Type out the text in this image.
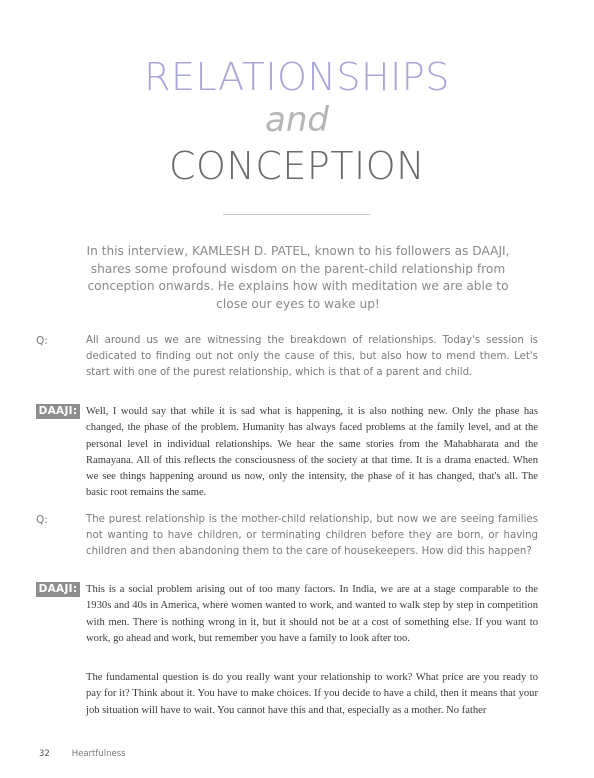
RELATIONSHIPS
and
CONCEPTION
In this interview, KAMLESH D. PATEL, known to his followers as DAAJI, shares some profound wisdom on the parent-child relationship from conception onwards. He explains how with meditation we are able to close our eyes to wake up!
Q:	All around us we are witnessing the breakdown of relationships. Today's session is dedicated to finding out not only the cause of this, but also how to mend them. Let's start with one of the purest relationship, which is that of a parent and child.
DAAJI: Well, I would say that while it is sad what is happening, it is also nothing new. Only the phase has changed, the phase of the problem. Humanity has always faced problems at the family level, and at the personal level in individual relationships. We hear the same stories from the Mahabharata and the Ramayana. All of this reflects the consciousness of the society at that time. It is a drama enacted. When we see things happening around us now, only the intensity, the phase of it has changed, that's all. The basic root remains the same.
Q:	The purest relationship is the mother-child relationship, but now we are seeing families not wanting to have children, or terminating children before they are born, or having children and then abandoning them to the care of housekeepers. How did this happen?
DAAJI: This is a social problem arising out of too many factors. In India, we are at a stage comparable to the 1930s and 40s in America, where women wanted to work, and wanted to walk step by step in competition with men. There is nothing wrong in it, but it should not be at a cost of something else. If you want to work, go ahead and work, but remember you have a family to look after too.
The fundamental question is do you really want your relationship to work? What price are you ready to pay for it? Think about it. You have to make choices. If you decide to have a child, then it means that your job situation will have to wait. You cannot have this and that, especially as a mother. No father
32	Heartfulness
